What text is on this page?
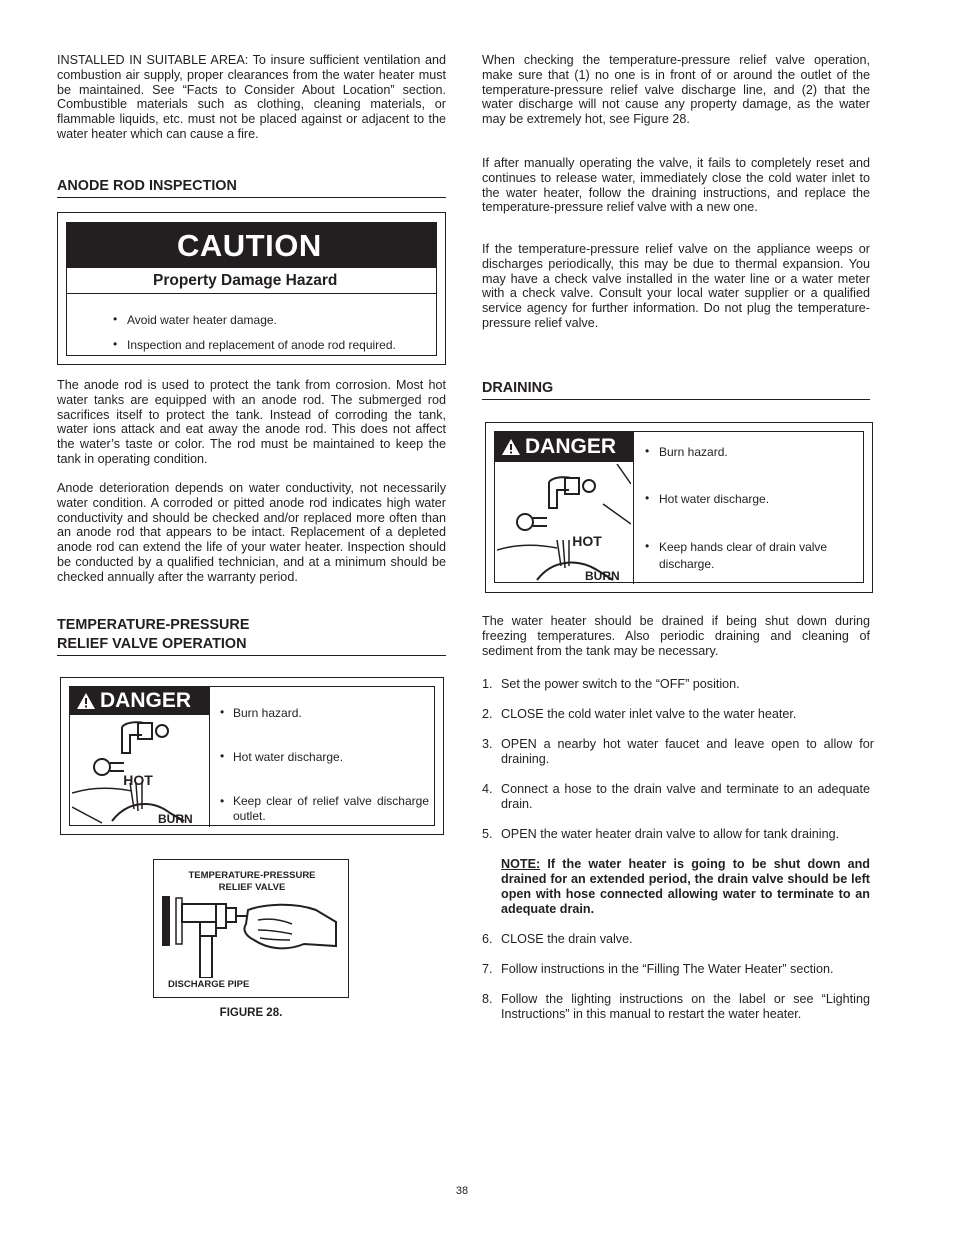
INSTALLED IN SUITABLE AREA: To insure sufficient ventilation and combustion air supply, proper clearances from the water heater must be maintained. See “Facts to Consider About Location” section. Combustible materials such as clothing, cleaning materials, or flammable liquids, etc. must not be placed against or adjacent to the water heater which can cause a fire.

ANODE ROD INSPECTION
CAUTION
Property Damage Hazard
• Avoid water heater damage.
• Inspection and replacement of anode rod required.

The anode rod is used to protect the tank from corrosion. Most hot water tanks are equipped with an anode rod. The submerged rod sacrifices itself to protect the tank. Instead of corroding the tank, water ions attack and eat away the anode rod. This does not affect the water’s taste or color. The rod must be maintained to keep the tank in operating condition.

Anode deterioration depends on water conductivity, not necessarily water condition. A corroded or pitted anode rod indicates high water conductivity and should be checked and/or replaced more often than an anode rod that appears to be intact. Replacement of a depleted anode rod can extend the life of your water heater. Inspection should be conducted by a qualified technician, and at a minimum should be checked annually after the warranty period.

TEMPERATURE-PRESSURE
RELIEF VALVE OPERATION
DANGER
HOT
BURN
• Burn hazard.
• Hot water discharge.
• Keep clear of relief valve discharge outlet.
TEMPERATURE-PRESSURE
RELIEF VALVE
DISCHARGE PIPE
FIGURE 28.

When checking the temperature-pressure relief valve operation, make sure that (1) no one is in front of or around the outlet of the temperature-pressure relief valve discharge line, and (2) that the water discharge will not cause any property damage, as the water may be extremely hot, see Figure 28.

If after manually operating the valve, it fails to completely reset and continues to release water, immediately close the cold water inlet to the water heater, follow the draining instructions, and replace the temperature-pressure relief valve with a new one.

If the temperature-pressure relief valve on the appliance weeps or discharges periodically, this may be due to thermal expansion. You may have a check valve installed in the water line or a water meter with a check valve. Consult your local water supplier or a qualified service agency for further information. Do not plug the temperature-pressure relief valve.

DRAINING
DANGER
HOT
BURN
• Burn hazard.
• Hot water discharge.
• Keep hands clear of drain valve discharge.

The water heater should be drained if being shut down during freezing temperatures. Also periodic draining and cleaning of sediment from the tank may be necessary.

1. Set the power switch to the “OFF” position.
2. CLOSE the cold water inlet valve to the water heater.
3. OPEN a nearby hot water faucet and leave open to allow for draining.
4. Connect a hose to the drain valve and terminate to an adequate drain.
5. OPEN the water heater drain valve to allow for tank draining.
NOTE: If the water heater is going to be shut down and drained for an extended period, the drain valve should be left open with hose connected allowing water to terminate to an adequate drain.
6. CLOSE the drain valve.
7. Follow instructions in the “Filling The Water Heater” section.
8. Follow the lighting instructions on the label or see “Lighting Instructions” in this manual to restart the water heater.
38
